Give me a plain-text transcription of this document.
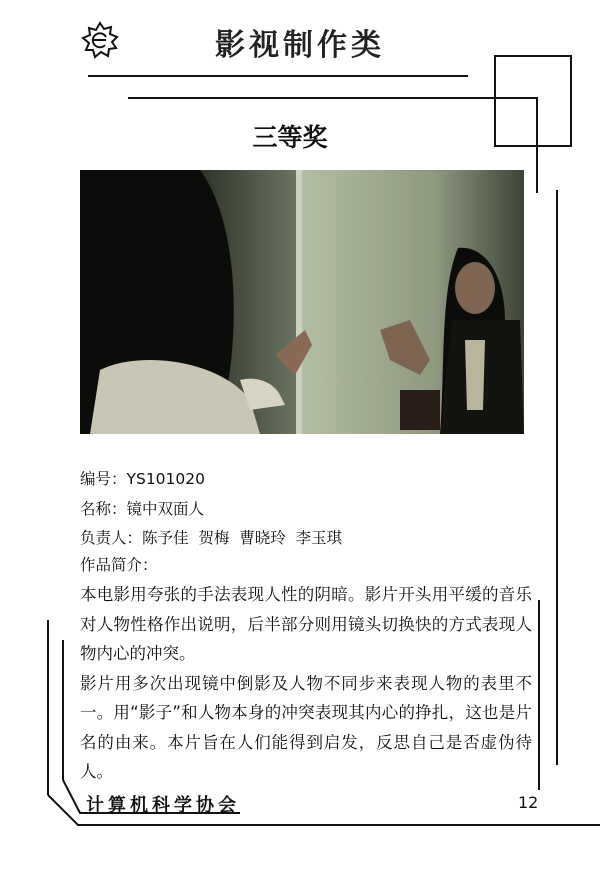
影视制作类
三等奖
编号：YS101020
名称：镜中双面人
负责人：陈予佳  贺梅  曹晓玲  李玉琪
作品简介：

本电影用夸张的手法表现人性的阴暗。影片开头用平缓的音乐对人物性格作出说明，后半部分则用镜头切换快的方式表现人物内心的冲突。

影片用多次出现镜中倒影及人物不同步来表现人物的表里不一。用“影子”和人物本身的冲突表现其内心的挣扎，这也是片名的由来。本片旨在人们能得到启发，反思自己是否虚伪待人。

计算机科学协会	12
